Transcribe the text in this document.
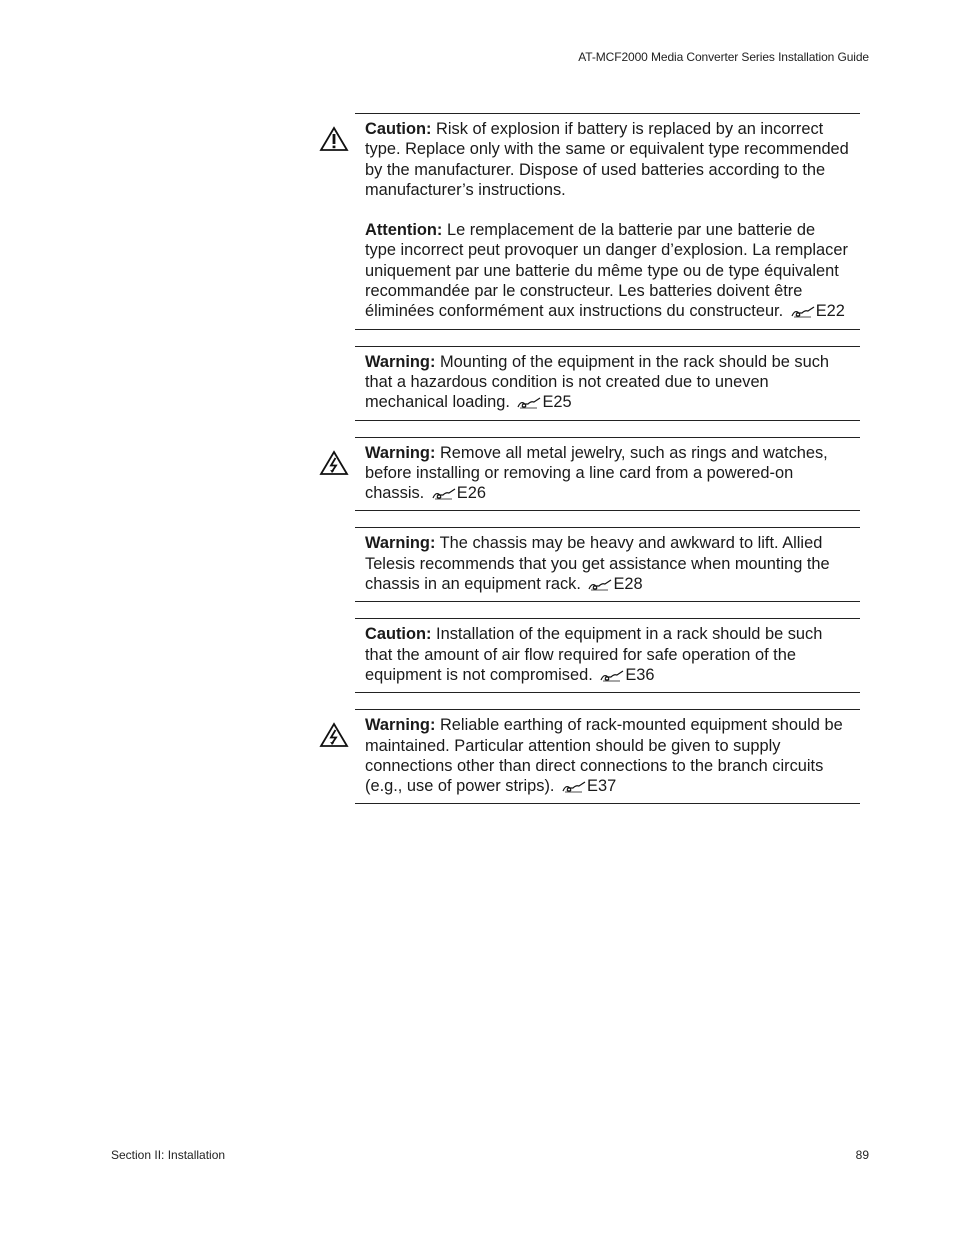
AT-MCF2000 Media Converter Series Installation Guide

Caution: Risk of explosion if battery is replaced by an incorrect type. Replace only with the same or equivalent type recommended by the manufacturer. Dispose of used batteries according to the manufacturer’s instructions.

Attention: Le remplacement de la batterie par une batterie de type incorrect peut provoquer un danger d’explosion. La remplacer uniquement par une batterie du même type ou de type équivalent recommandée par le constructeur. Les batteries doivent être éliminées conformément aux instructions du constructeur. E22

Warning: Mounting of the equipment in the rack should be such that a hazardous condition is not created due to uneven mechanical loading. E25

Warning: Remove all metal jewelry, such as rings and watches, before installing or removing a line card from a powered-on chassis. E26

Warning: The chassis may be heavy and awkward to lift. Allied Telesis recommends that you get assistance when mounting the chassis in an equipment rack. E28

Caution: Installation of the equipment in a rack should be such that the amount of air flow required for safe operation of the equipment is not compromised. E36

Warning: Reliable earthing of rack-mounted equipment should be maintained. Particular attention should be given to supply connections other than direct connections to the branch circuits (e.g., use of power strips). E37

Section II: Installation	89
